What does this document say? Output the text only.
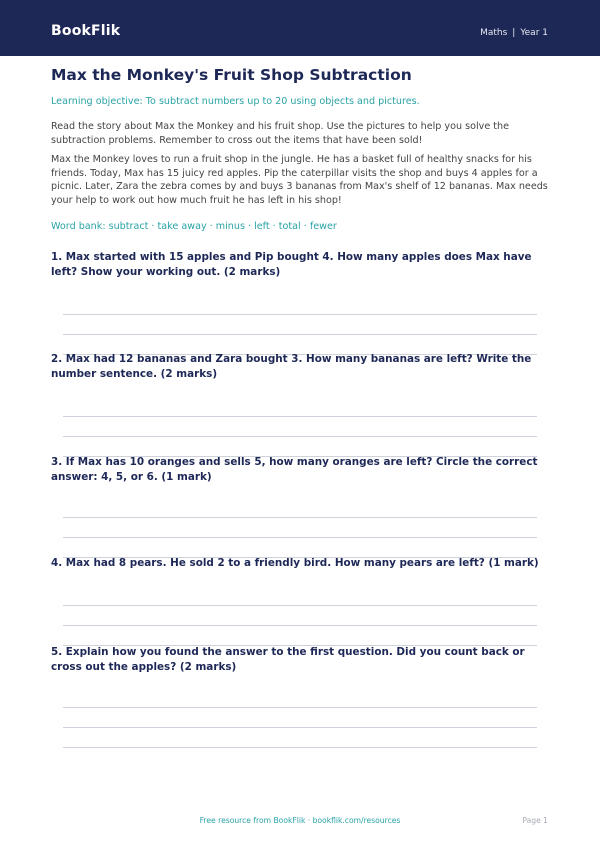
BookFlik	Maths | Year 1
Max the Monkey's Fruit Shop Subtraction
Learning objective: To subtract numbers up to 20 using objects and pictures.

Read the story about Max the Monkey and his fruit shop. Use the pictures to help you solve the subtraction problems. Remember to cross out the items that have been sold!

Max the Monkey loves to run a fruit shop in the jungle. He has a basket full of healthy snacks for his friends. Today, Max has 15 juicy red apples. Pip the caterpillar visits the shop and buys 4 apples for a picnic. Later, Zara the zebra comes by and buys 3 bananas from Max's shelf of 12 bananas. Max needs your help to work out how much fruit he has left in his shop!

Word bank: subtract · take away · minus · left · total · fewer

1. Max started with 15 apples and Pip bought 4. How many apples does Max have left? Show your working out. (2 marks)

2. Max had 12 bananas and Zara bought 3. How many bananas are left? Write the number sentence. (2 marks)

3. If Max has 10 oranges and sells 5, how many oranges are left? Circle the correct answer: 4, 5, or 6. (1 mark)

4. Max had 8 pears. He sold 2 to a friendly bird. How many pears are left? (1 mark)

5. Explain how you found the answer to the first question. Did you count back or cross out the apples? (2 marks)

Free resource from BookFlik · bookflik.com/resources	Page 1
